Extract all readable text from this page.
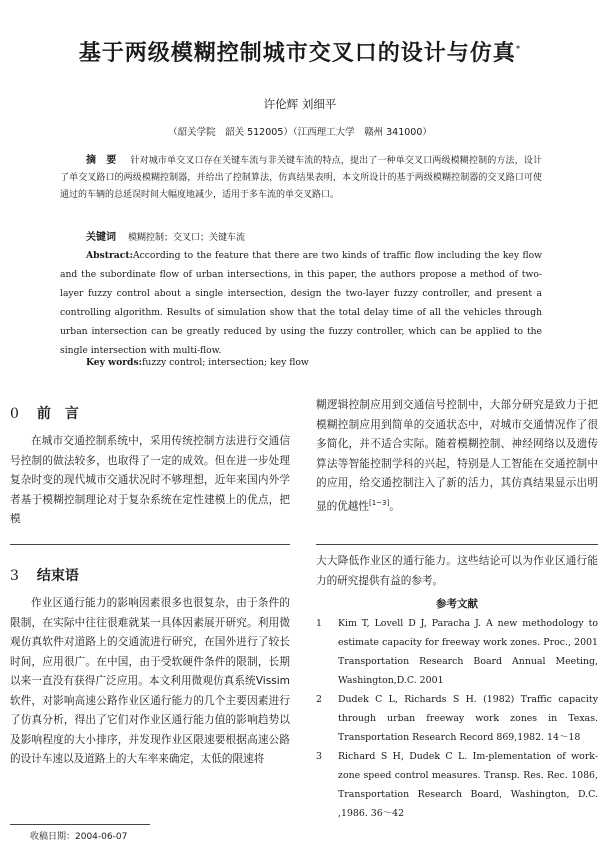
基于两级模糊控制城市交叉口的设计与仿真*
许伦辉 刘细平
（韶关学院　韶关 512005）（江西理工大学　赣州 341000）
摘　要 针对城市单交叉口存在关键车流与非关键车流的特点，提出了一种单交叉口两级模糊控制的方法，设计了单交叉路口的两级模糊控制器，并给出了控制算法，仿真结果表明，本文所设计的基于两级模糊控制器的交叉路口可使通过的车辆的总延误时间大幅度地减少，适用于多车流的单交叉路口。
关键词 模糊控制；交叉口；关键车流
Abstract:According to the feature that there are two kinds of traffic flow including the key flow and the subordinate flow of urban intersections, in this paper, the authors propose a method of two-layer fuzzy control about a single intersection, design the two-layer fuzzy controller, and present a controlling algorithm. Results of simulation show that the total delay time of all the vehicles through urban intersection can be greatly reduced by using the fuzzy controller, which can be applied to the single intersection with multi-flow.
Key words:fuzzy control; intersection; key flow
0 前　言
在城市交通控制系统中，采用传统控制方法进行交通信号控制的做法较多，也取得了一定的成效。但在进一步处理复杂时变的现代城市交通状况时不够理想，近年来国内外学者基于模糊控制理论对于复杂系统在定性建模上的优点，把模
糊逻辑控制应用到交通信号控制中，大部分研究是致力于把模糊控制应用到简单的交通状态中，对城市交通情况作了很多简化，并不适合实际。随着模糊控制、神经网络以及遗传算法等智能控制学科的兴起，特别是人工智能在交通控制中的应用，给交通控制注入了新的活力，其仿真结果显示出明显的优越性[1~3]。
3 结束语
作业区通行能力的影响因素很多也很复杂，由于条件的限制，在实际中往往很难就某一具体因素展开研究。利用微观仿真软件对道路上的交通流进行研究，在国外进行了较长时间，应用很广。在中国，由于受软硬件条件的限制，长期以来一直没有获得广泛应用。本文利用微观仿真系统Vissim软件，对影响高速公路作业区通行能力的几个主要因素进行了仿真分析，得出了它们对作业区通行能力值的影响趋势以及影响程度的大小排序，并发现作业区限速要根据高速公路的设计车速以及道路上的大车率来确定，太低的限速将
大大降低作业区的通行能力。这些结论可以为作业区通行能力的研究提供有益的参考。
参考文献
1	Kim T, Lovell D J, Paracha J. A new methodology to estimate capacity for freeway work zones. Proc., 2001 Transportation Research Board Annual Meeting, Washington,D.C. 2001
2	Dudek C L, Richards S H. (1982) Traffic capacity through urban freeway work zones in Texas. Transportation Research Record 869,1982. 14～18
3	Richard S H, Dudek C L. Im-plementation of work-zone speed control measures. Transp. Res. Rec. 1086, Transportation Research Board, Washington, D.C. ,1986. 36～42
收稿日期：2004-06-07
